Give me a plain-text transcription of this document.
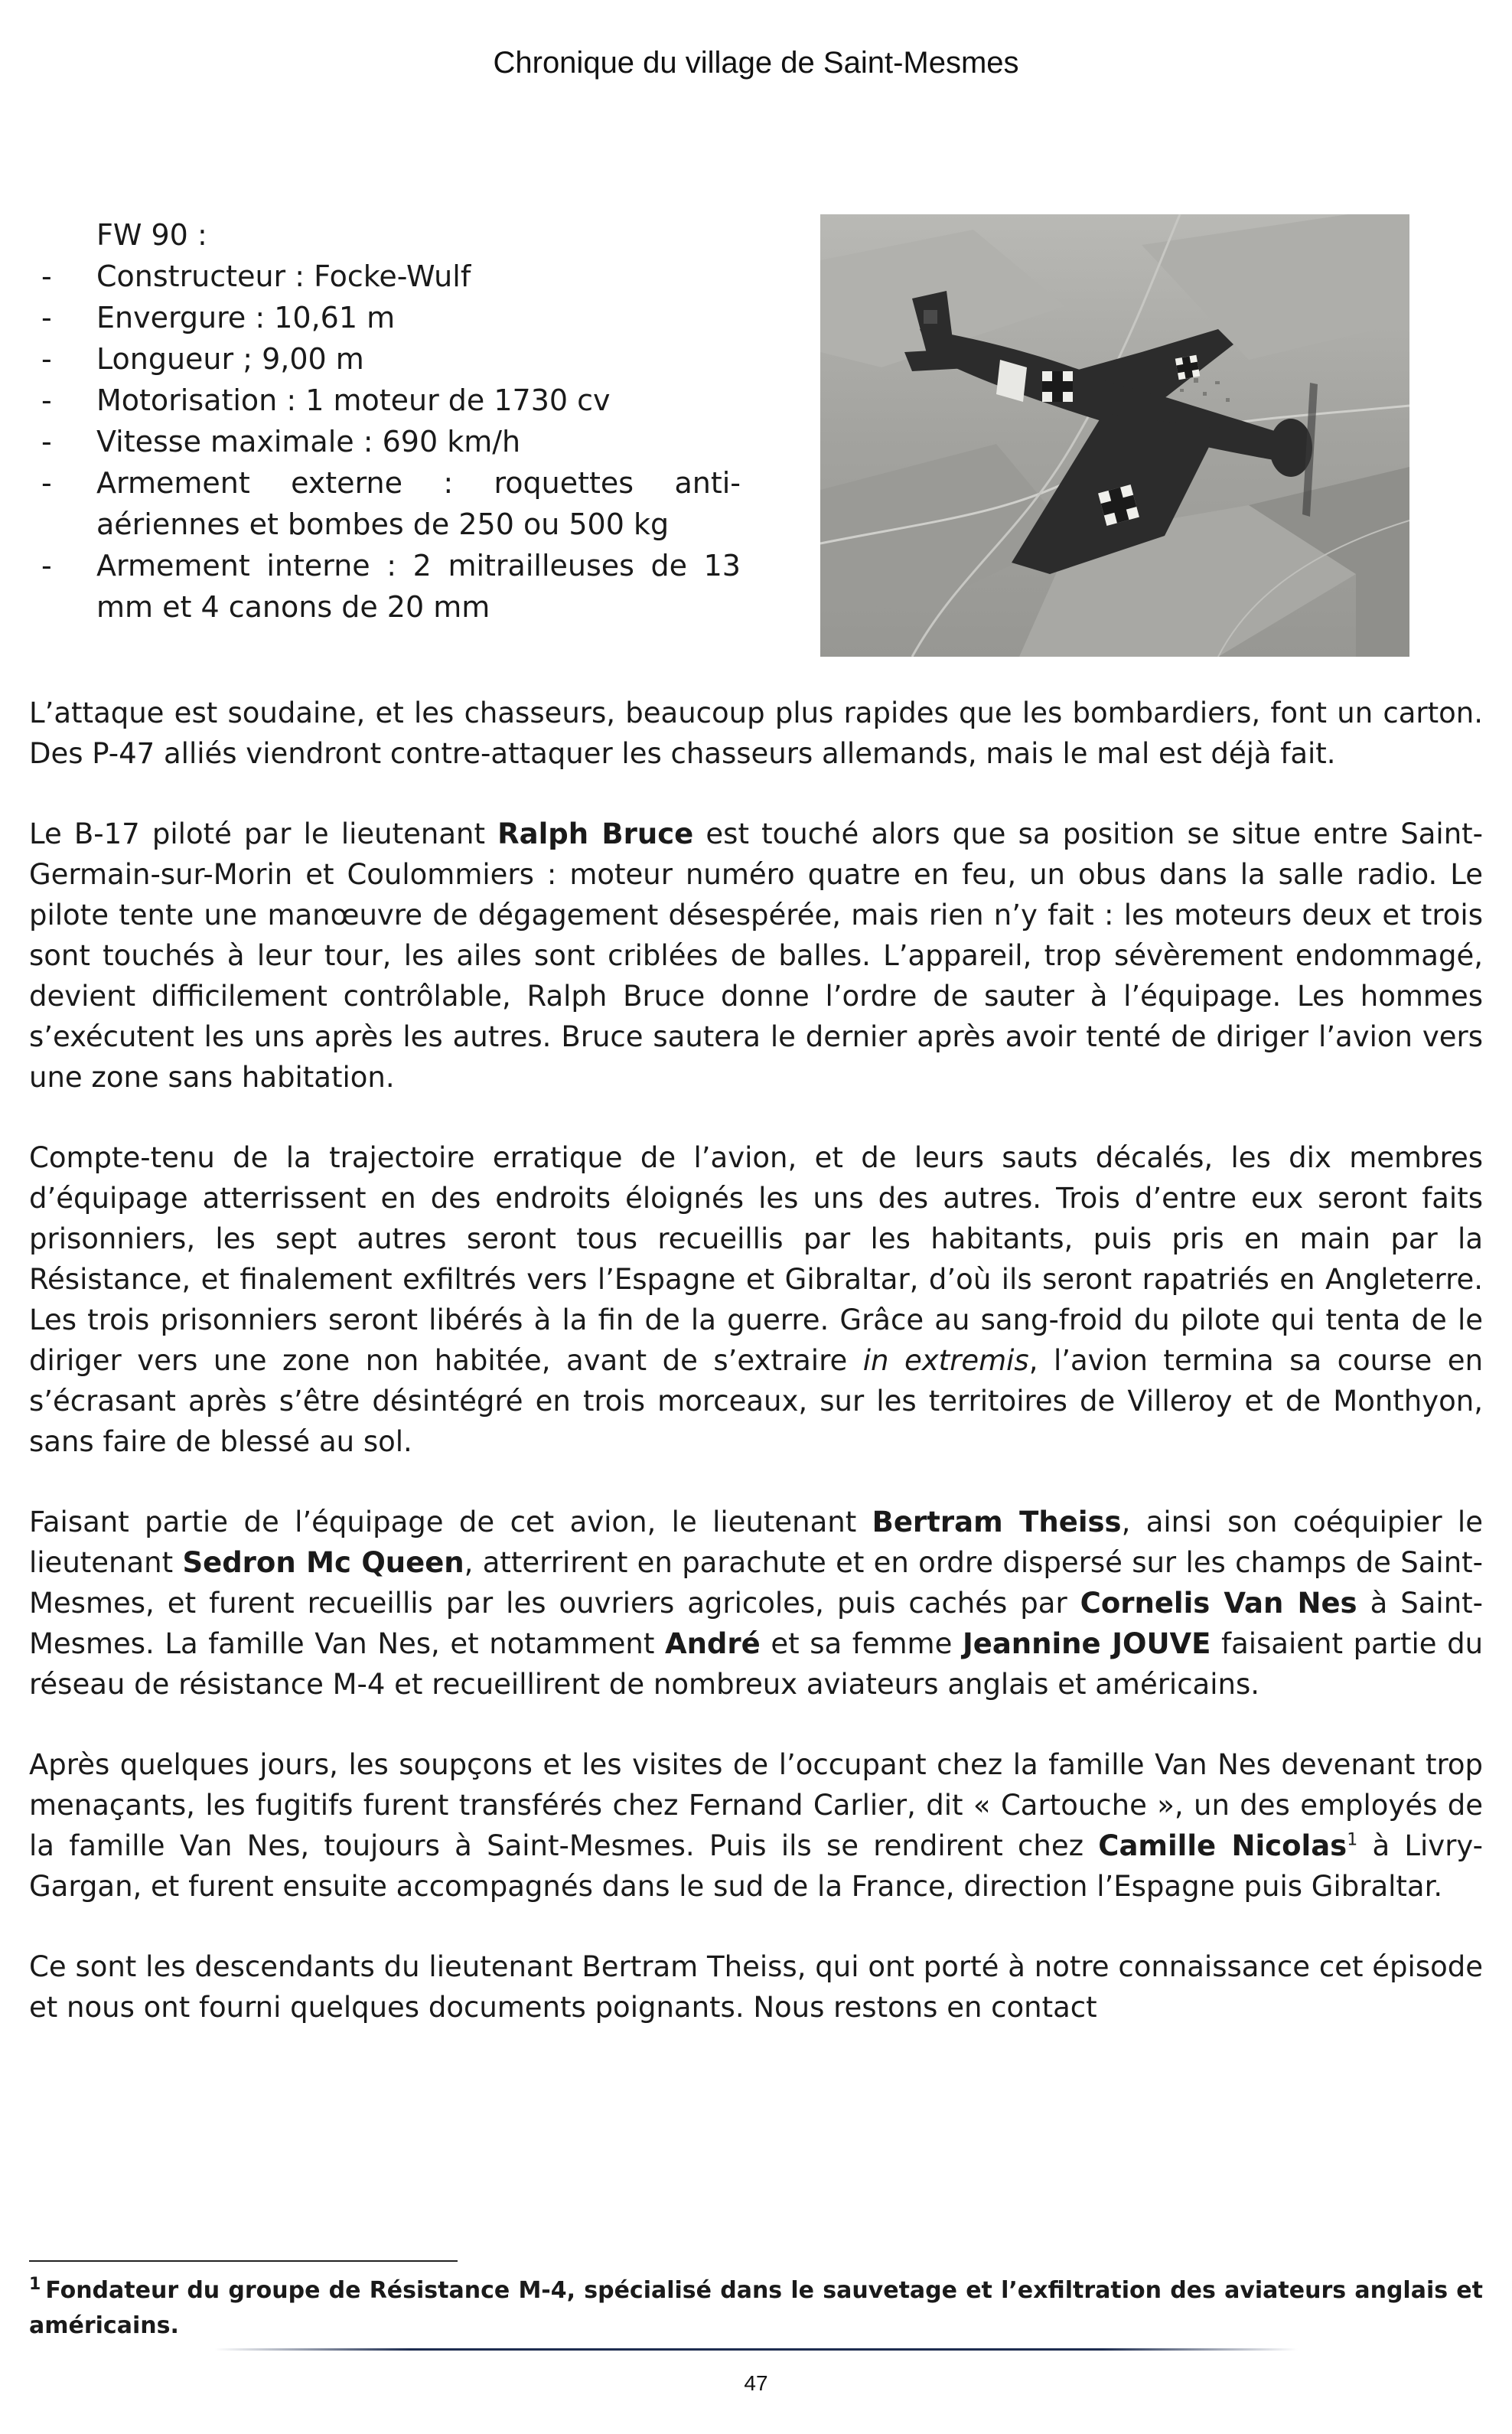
Chronique du village de Saint-Mesmes
FW 90 :
- Constructeur : Focke-Wulf
- Envergure : 10,61 m
- Longueur ; 9,00 m
- Motorisation : 1 moteur de 1730 cv
- Vitesse maximale : 690 km/h
- Armement externe : roquettes anti-aériennes et bombes de 250 ou 500 kg
- Armement interne : 2 mitrailleuses de 13 mm et 4 canons de 20 mm

L’attaque est soudaine, et les chasseurs, beaucoup plus rapides que les bombardiers, font un carton. Des P-47 alliés viendront contre-attaquer les chasseurs allemands, mais le mal est déjà fait.

Le B-17 piloté par le lieutenant Ralph Bruce est touché alors que sa position se situe entre Saint-Germain-sur-Morin et Coulommiers : moteur numéro quatre en feu, un obus dans la salle radio. Le pilote tente une manœuvre de dégagement désespérée, mais rien n’y fait : les moteurs deux et trois sont touchés à leur tour, les ailes sont criblées de balles. L’appareil, trop sévèrement endommagé, devient difficilement contrôlable, Ralph Bruce donne l’ordre de sauter à l’équipage. Les hommes s’exécutent les uns après les autres. Bruce sautera le dernier après avoir tenté de diriger l’avion vers une zone sans habitation.

Compte-tenu de la trajectoire erratique de l’avion, et de leurs sauts décalés, les dix membres d’équipage atterrissent en des endroits éloignés les uns des autres. Trois d’entre eux seront faits prisonniers, les sept autres seront tous recueillis par les habitants, puis pris en main par la Résistance, et finalement exfiltrés vers l’Espagne et Gibraltar, d’où ils seront rapatriés en Angleterre. Les trois prisonniers seront libérés à la fin de la guerre. Grâce au sang-froid du pilote qui tenta de le diriger vers une zone non habitée, avant de s’extraire in extremis, l’avion termina sa course en s’écrasant après s’être désintégré en trois morceaux, sur les territoires de Villeroy et de Monthyon, sans faire de blessé au sol.

Faisant partie de l’équipage de cet avion, le lieutenant Bertram Theiss, ainsi son coéquipier le lieutenant Sedron Mc Queen, atterrirent en parachute et en ordre dispersé sur les champs de Saint-Mesmes, et furent recueillis par les ouvriers agricoles, puis cachés par Cornelis Van Nes à Saint-Mesmes. La famille Van Nes, et notamment André et sa femme Jeannine JOUVE faisaient partie du réseau de résistance M-4 et recueillirent de nombreux aviateurs anglais et américains.

Après quelques jours, les soupçons et les visites de l’occupant chez la famille Van Nes devenant trop menaçants, les fugitifs furent transférés chez Fernand Carlier, dit « Cartouche », un des employés de la famille Van Nes, toujours à Saint-Mesmes. Puis ils se rendirent chez Camille Nicolas$^1$ à Livry-Gargan, et furent ensuite accompagnés dans le sud de la France, direction l’Espagne puis Gibraltar.

Ce sont les descendants du lieutenant Bertram Theiss, qui ont porté à notre connaissance cet épisode et nous ont fourni quelques documents poignants. Nous restons en contact

$^1$ Fondateur du groupe de Résistance M-4, spécialisé dans le sauvetage et l’exfiltration des aviateurs anglais et américains.
47
